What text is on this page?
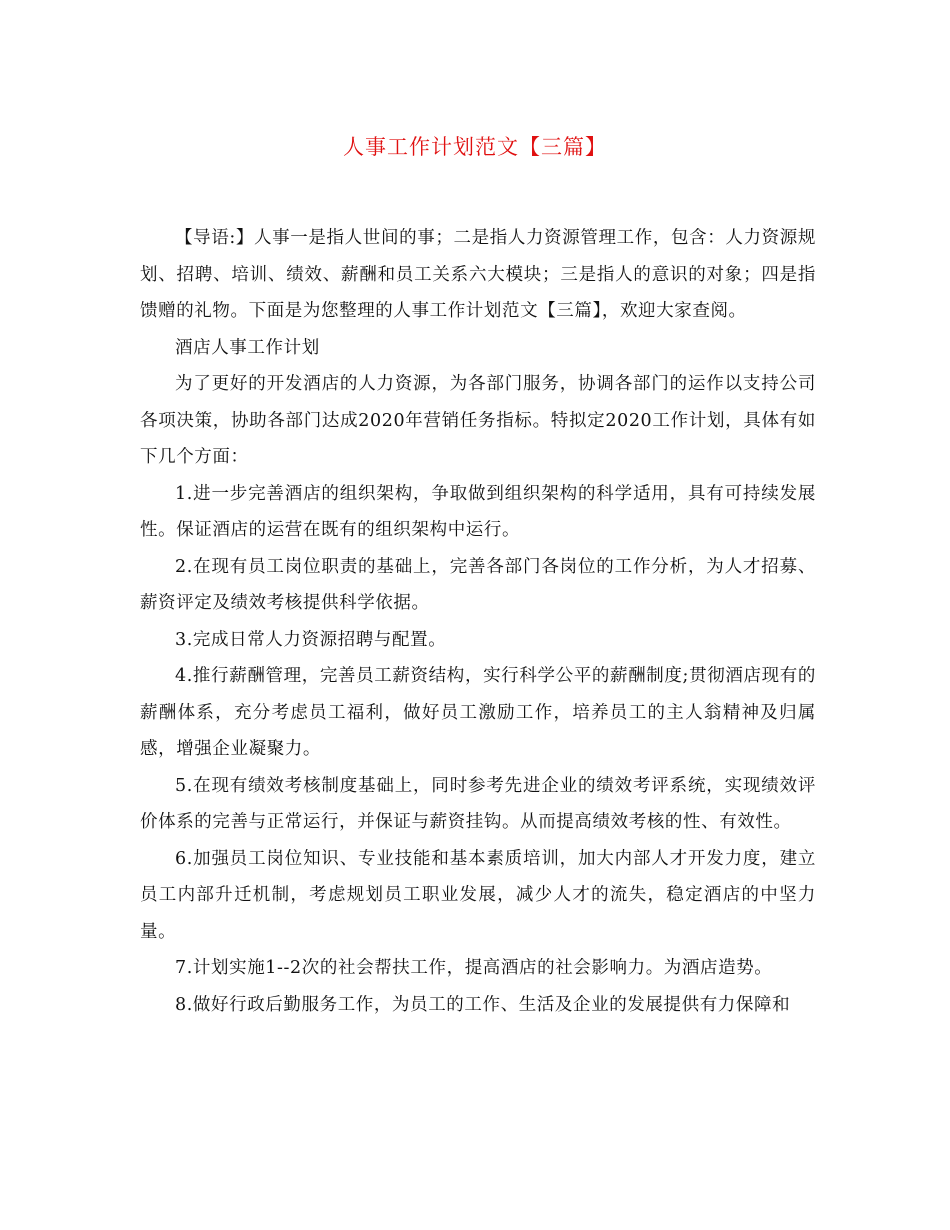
人事工作计划范文【三篇】

【导语:】人事一是指人世间的事；二是指人力资源管理工作，包含：人力资源规划、招聘、培训、绩效、薪酬和员工关系六大模块；三是指人的意识的对象；四是指馈赠的礼物。下面是为您整理的人事工作计划范文【三篇】，欢迎大家查阅。

酒店人事工作计划

为了更好的开发酒店的人力资源，为各部门服务，协调各部门的运作以支持公司各项决策，协助各部门达成2020年营销任务指标。特拟定2020工作计划，具体有如下几个方面：

1.进一步完善酒店的组织架构，争取做到组织架构的科学适用，具有可持续发展性。保证酒店的运营在既有的组织架构中运行。

2.在现有员工岗位职责的基础上，完善各部门各岗位的工作分析，为人才招募、薪资评定及绩效考核提供科学依据。

3.完成日常人力资源招聘与配置。

4.推行薪酬管理，完善员工薪资结构，实行科学公平的薪酬制度;贯彻酒店现有的薪酬体系，充分考虑员工福利，做好员工激励工作，培养员工的主人翁精神及归属感，增强企业凝聚力。

5.在现有绩效考核制度基础上，同时参考先进企业的绩效考评系统，实现绩效评价体系的完善与正常运行，并保证与薪资挂钩。从而提高绩效考核的性、有效性。

6.加强员工岗位知识、专业技能和基本素质培训，加大内部人才开发力度，建立员工内部升迁机制，考虑规划员工职业发展，减少人才的流失，稳定酒店的中坚力量。

7.计划实施1--2次的社会帮扶工作，提高酒店的社会影响力。为酒店造势。

8.做好行政后勤服务工作，为员工的工作、生活及企业的发展提供有力保障和
